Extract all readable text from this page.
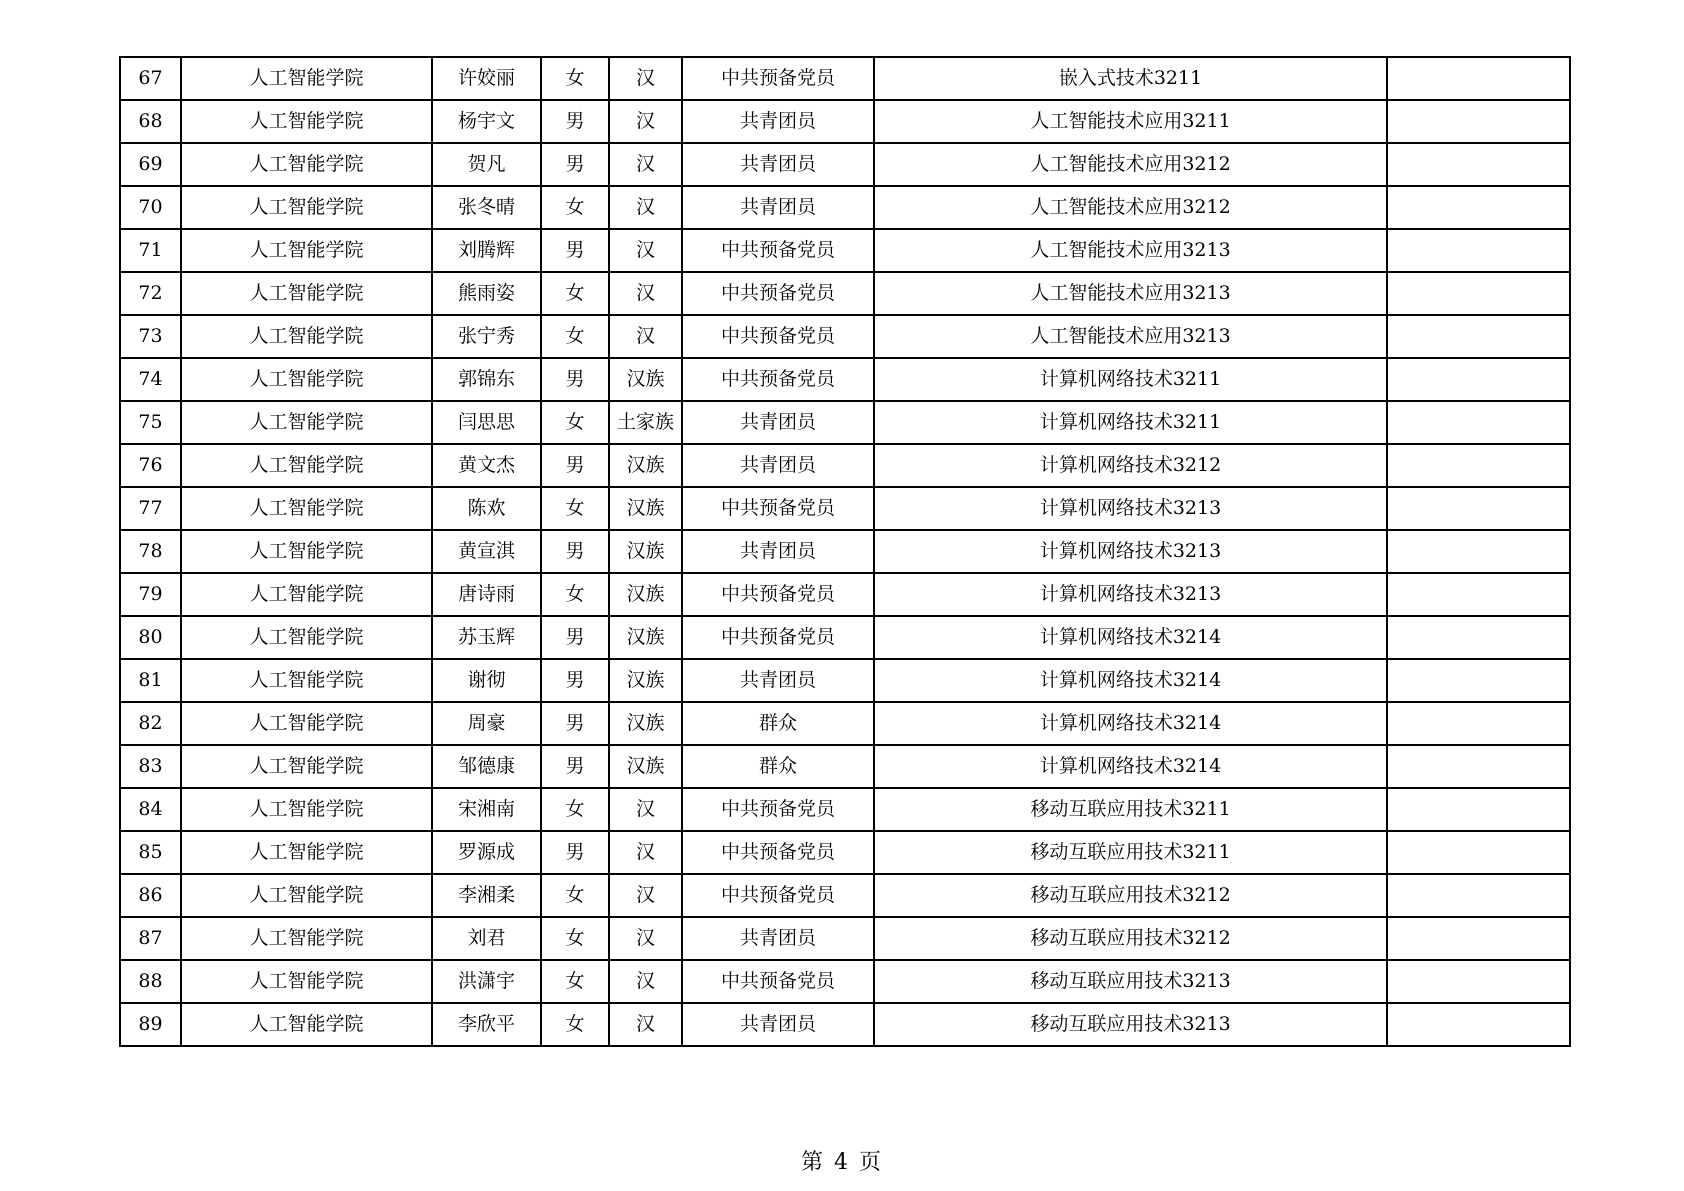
67	人工智能学院	许姣丽	女	汉	中共预备党员	嵌入式技术3211	
68	人工智能学院	杨宇文	男	汉	共青团员	人工智能技术应用3211	
69	人工智能学院	贺凡	男	汉	共青团员	人工智能技术应用3212	
70	人工智能学院	张冬晴	女	汉	共青团员	人工智能技术应用3212	
71	人工智能学院	刘腾辉	男	汉	中共预备党员	人工智能技术应用3213	
72	人工智能学院	熊雨姿	女	汉	中共预备党员	人工智能技术应用3213	
73	人工智能学院	张宁秀	女	汉	中共预备党员	人工智能技术应用3213	
74	人工智能学院	郭锦东	男	汉族	中共预备党员	计算机网络技术3211	
75	人工智能学院	闫思思	女	土家族	共青团员	计算机网络技术3211	
76	人工智能学院	黄文杰	男	汉族	共青团员	计算机网络技术3212	
77	人工智能学院	陈欢	女	汉族	中共预备党员	计算机网络技术3213	
78	人工智能学院	黄宣淇	男	汉族	共青团员	计算机网络技术3213	
79	人工智能学院	唐诗雨	女	汉族	中共预备党员	计算机网络技术3213	
80	人工智能学院	苏玉辉	男	汉族	中共预备党员	计算机网络技术3214	
81	人工智能学院	谢彻	男	汉族	共青团员	计算机网络技术3214	
82	人工智能学院	周豪	男	汉族	群众	计算机网络技术3214	
83	人工智能学院	邹德康	男	汉族	群众	计算机网络技术3214	
84	人工智能学院	宋湘南	女	汉	中共预备党员	移动互联应用技术3211	
85	人工智能学院	罗源成	男	汉	中共预备党员	移动互联应用技术3211	
86	人工智能学院	李湘柔	女	汉	中共预备党员	移动互联应用技术3212	
87	人工智能学院	刘君	女	汉	共青团员	移动互联应用技术3212	
88	人工智能学院	洪潇宇	女	汉	中共预备党员	移动互联应用技术3213	
89	人工智能学院	李欣平	女	汉	共青团员	移动互联应用技术3213	
第 4 页
